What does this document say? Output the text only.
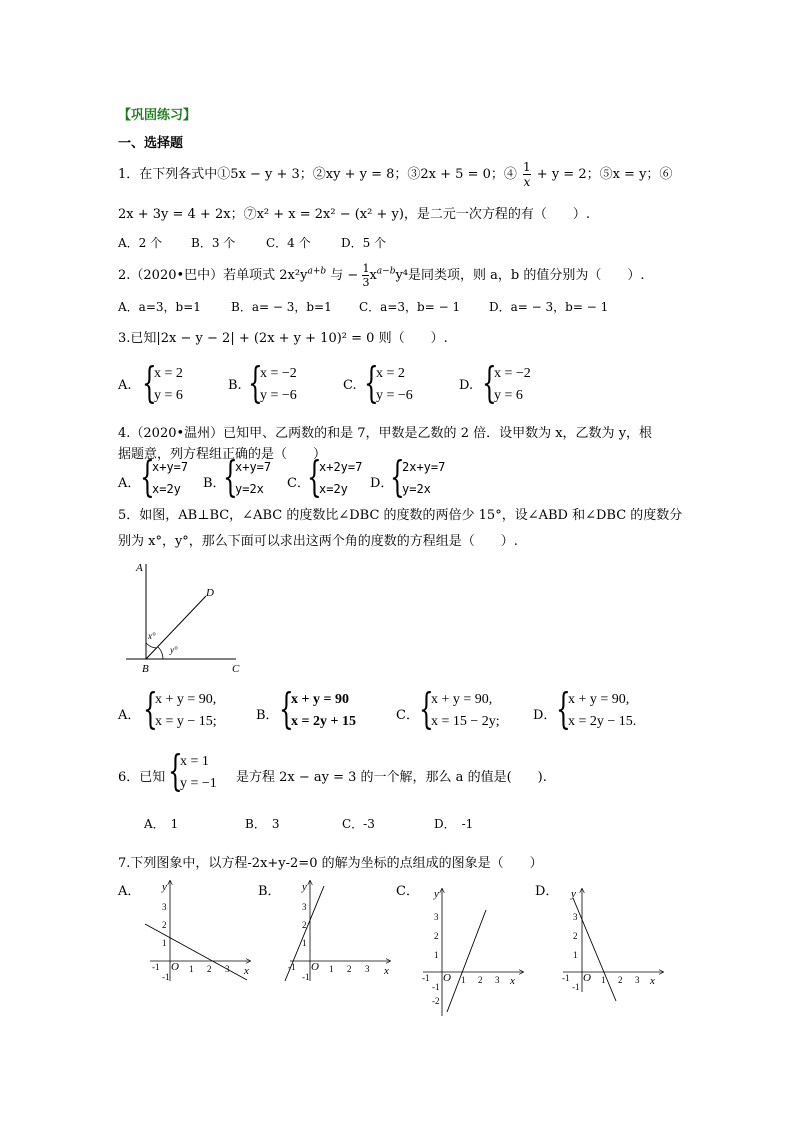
【巩固练习】
一、选择题
1．在下列各式中①5x − y + 3；②xy + y = 8；③2x + 5 = 0；④ $\frac{1}{x} + y = 2$；⑤x = y；⑥
2x + 3y = 4 + 2x；⑦x² + x = 2x² − (x² + y)，是二元一次方程的有（　　）.
A．2 个 B．3 个	C．4 个	D．5 个
2.（2020•巴中）若单项式 $2x^2y^{a+b}$ 与 − $\frac{1}{3} x^{a-b}y^4$是同类项，则 a，b 的值分别为（　　）.
A．a=3，b=1	B．a= − 3，b=1 C．a=3，b= − 1 D．a= − 3，b= − 1
3.已知|2x − y − 2| + (2x + y + 10)² = 0 则（　　）.
A. {
x = 2
y = 6
B. {
x = −2
y = −6
C. {
x = 2
y = −6
D. {
x = −2
y = 6
4.（2020•温州）已知甲、乙两数的和是 7，甲数是乙数的 2 倍．设甲数为 x，乙数为 y，根
据题意，列方程组正确的是（　　）
A． {
x+y=7
x=2y B．
{
x+y=7
y=2x C．
{
x+2y=7
x=2y D．
{
2x+y=7
y=2x
5．如图，AB⊥BC，∠ABC 的度数比∠DBC 的度数的两倍少 15°，设∠ABD 和∠DBC 的度数分
别为 x°，y°，那么下面可以求出这两个角的度数的方程组是（　　）.
A
D
B	C
x°
y°
A． {
x + y = 90,
x = y − 15;	B． {
x + y = 90
x = 2y + 15	C． {
x + y = 90,
x = 15 − 2y;	D． {
x + y = 90,
x = 2y − 15.
6．已知 {
x = 1
y = −1 是方程 2x − ay = 3 的一个解，那么 a 的值是(　　).
A．　1	B．　3	C．-3	D．　-1
7.下列图象中，以方程-2x+y-2=0 的解为坐标的点组成的图象是（　　）
A．	B．	C．	D．
y
x
O
-1
-1
1 2 3
1
2
3
y
x
O
-1
-1
1 2 3
1
2
3
y
x
O
-1
-1
-2
1 2 3
1
2
3
y
x
O
-1
-1
1 2 3
1
2
3
